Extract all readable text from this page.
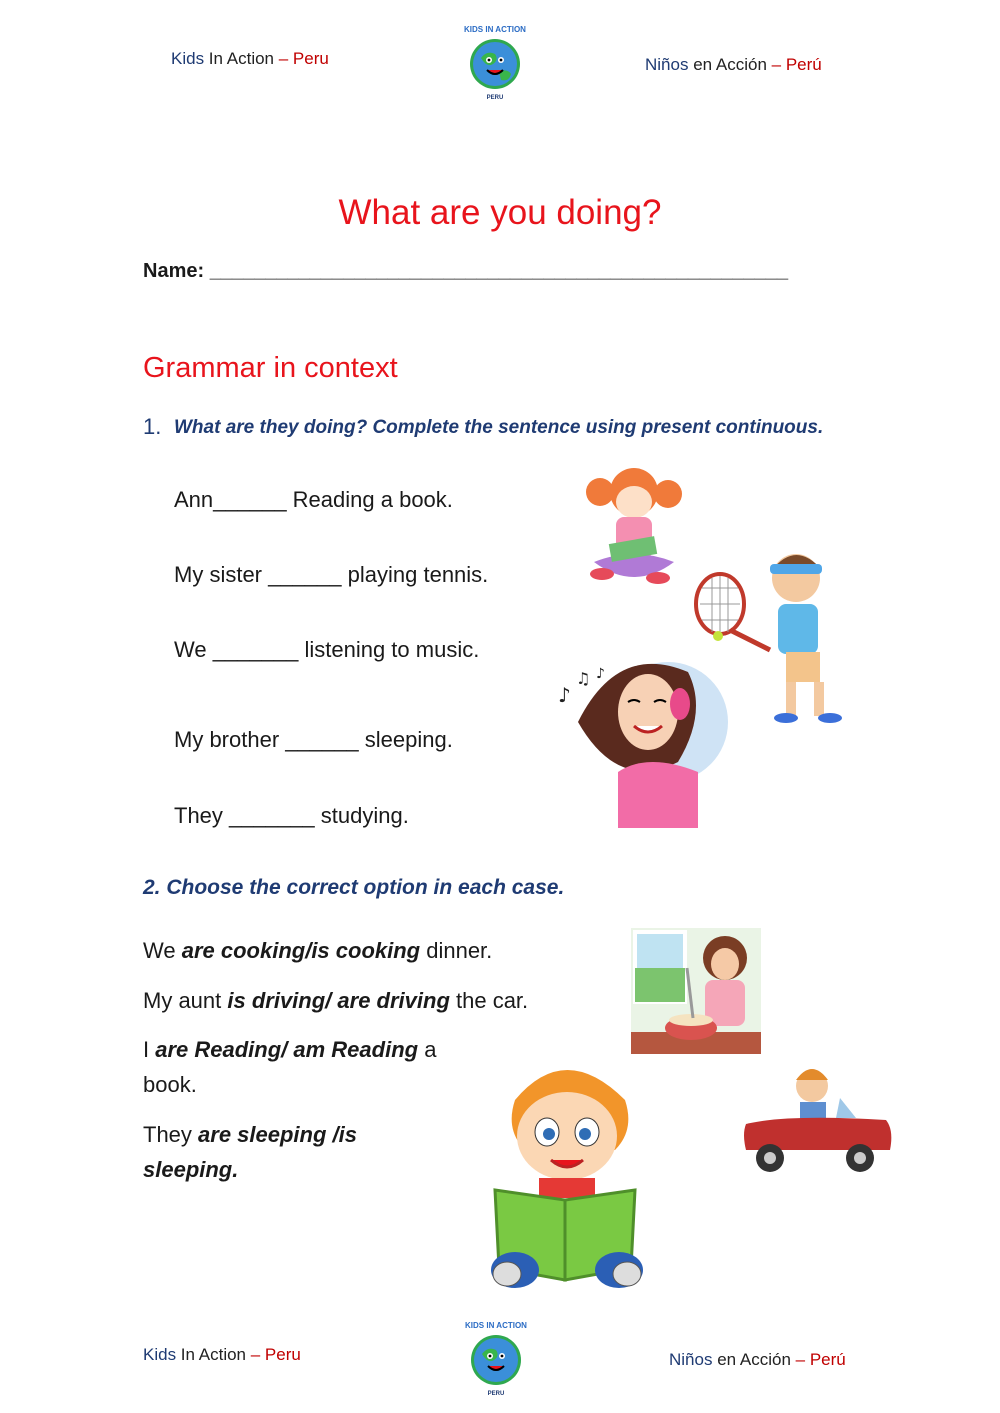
Kids In Action – Peru
KIDS IN ACTION
PERU
Niños en Acción – Perú
What are you doing?
Name: ____________________________________________________
Grammar in context
1. What are they doing? Complete the sentence using present continuous.
Ann______ Reading a book.
My sister ______ playing tennis.
We _______ listening to music.
My brother ______ sleeping.
They _______ studying.
♪
♫ ♪
2. Choose the correct option in each case.
We are cooking/is cooking dinner.
My aunt is driving/ are driving the car.
I are Reading/ am Reading a
book.
They are sleeping /is
sleeping.
Kids In Action – Peru
KIDS IN ACTION
PERU
Niños en Acción – Perú
